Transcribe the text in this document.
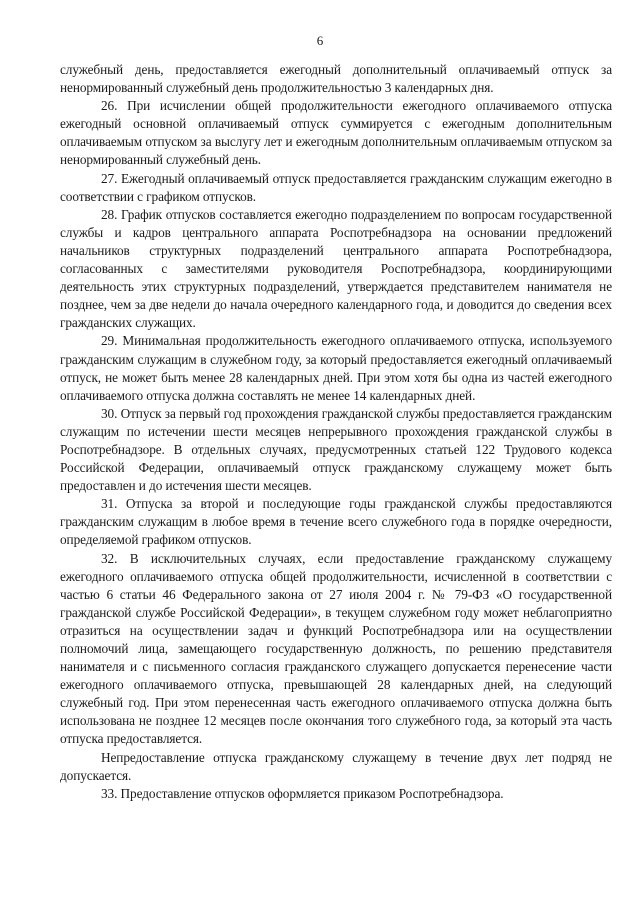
6

служебный день, предоставляется ежегодный дополнительный оплачиваемый отпуск за ненормированный служебный день продолжительностью 3 календарных дня.

26. При исчислении общей продолжительности ежегодного оплачиваемого отпуска ежегодный основной оплачиваемый отпуск суммируется с ежегодным дополнительным оплачиваемым отпуском за выслугу лет и ежегодным дополнительным оплачиваемым отпуском за ненормированный служебный день.

27. Ежегодный оплачиваемый отпуск предоставляется гражданским служащим ежегодно в соответствии с графиком отпусков.

28. График отпусков составляется ежегодно подразделением по вопросам государственной службы и кадров центрального аппарата Роспотребнадзора на основании предложений начальников структурных подразделений центрального аппарата Роспотребнадзора, согласованных с заместителями руководителя Роспотребнадзора, координирующими деятельность этих структурных подразделений, утверждается представителем нанимателя не позднее, чем за две недели до начала очередного календарного года, и доводится до сведения всех гражданских служащих.

29. Минимальная продолжительность ежегодного оплачиваемого отпуска, используемого гражданским служащим в служебном году, за который предоставляется ежегодный оплачиваемый отпуск, не может быть менее 28 календарных дней. При этом хотя бы одна из частей ежегодного оплачиваемого отпуска должна составлять не менее 14 календарных дней.

30. Отпуск за первый год прохождения гражданской службы предоставляется гражданским служащим по истечении шести месяцев непрерывного прохождения гражданской службы в Роспотребнадзоре. В отдельных случаях, предусмотренных статьей 122 Трудового кодекса Российской Федерации, оплачиваемый отпуск гражданскому служащему может быть предоставлен и до истечения шести месяцев.

31. Отпуска за второй и последующие годы гражданской службы предоставляются гражданским служащим в любое время в течение всего служебного года в порядке очередности, определяемой графиком отпусков.

32. В исключительных случаях, если предоставление гражданскому служащему ежегодного оплачиваемого отпуска общей продолжительности, исчисленной в соответствии с частью 6 статьи 46 Федерального закона от 27 июля 2004 г. № 79-ФЗ «О государственной гражданской службе Российской Федерации», в текущем служебном году может неблагоприятно отразиться на осуществлении задач и функций Роспотребнадзора или на осуществлении полномочий лица, замещающего государственную должность, по решению представителя нанимателя и с письменного согласия гражданского служащего допускается перенесение части ежегодного оплачиваемого отпуска, превышающей 28 календарных дней, на следующий служебный год. При этом перенесенная часть ежегодного оплачиваемого отпуска должна быть использована не позднее 12 месяцев после окончания того служебного года, за который эта часть отпуска предоставляется.

Непредоставление отпуска гражданскому служащему в течение двух лет подряд не допускается.

33. Предоставление отпусков оформляется приказом Роспотребнадзора.
